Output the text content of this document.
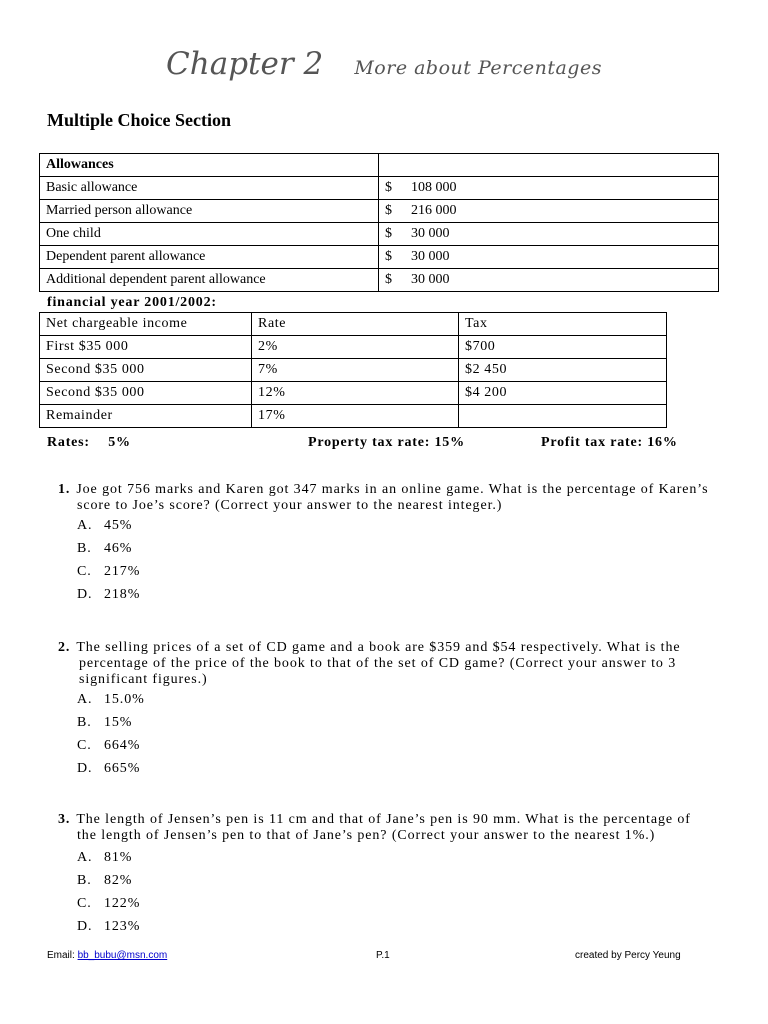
Chapter 2 More about Percentages
Multiple Choice Section
Allowances		
Basic allowance	$	108 000
Married person allowance	$	216 000
One child	$	30 000
Dependent parent allowance	$	30 000
Additional dependent parent allowance	$	30 000
financial year 2001/2002:
Net chargeable income	Rate	Tax
First $35 000	2%	$700
Second $35 000	7%	$2 450
Second $35 000	12%	$4 200
Remainder	17%	
Rates: 5%	Property tax rate: 15%	Profit tax rate: 16%
1. Joe got 756 marks and Karen got 347 marks in an online game. What is the percentage of Karen’s
score to Joe’s score? (Correct your answer to the nearest integer.)
A. 45%
B. 46%
C. 217%
D. 218%
2. The selling prices of a set of CD game and a book are $359 and $54 respectively. What is the
percentage of the price of the book to that of the set of CD game? (Correct your answer to 3
significant figures.)
A. 15.0%
B. 15%
C. 664%
D. 665%
3. The length of Jensen’s pen is 11 cm and that of Jane’s pen is 90 mm. What is the percentage of
the length of Jensen’s pen to that of Jane’s pen? (Correct your answer to the nearest 1%.)
A. 81%
B. 82%
C. 122%
D. 123%
Email: bb_bubu@msn.com	P.1	created by Percy Yeung
